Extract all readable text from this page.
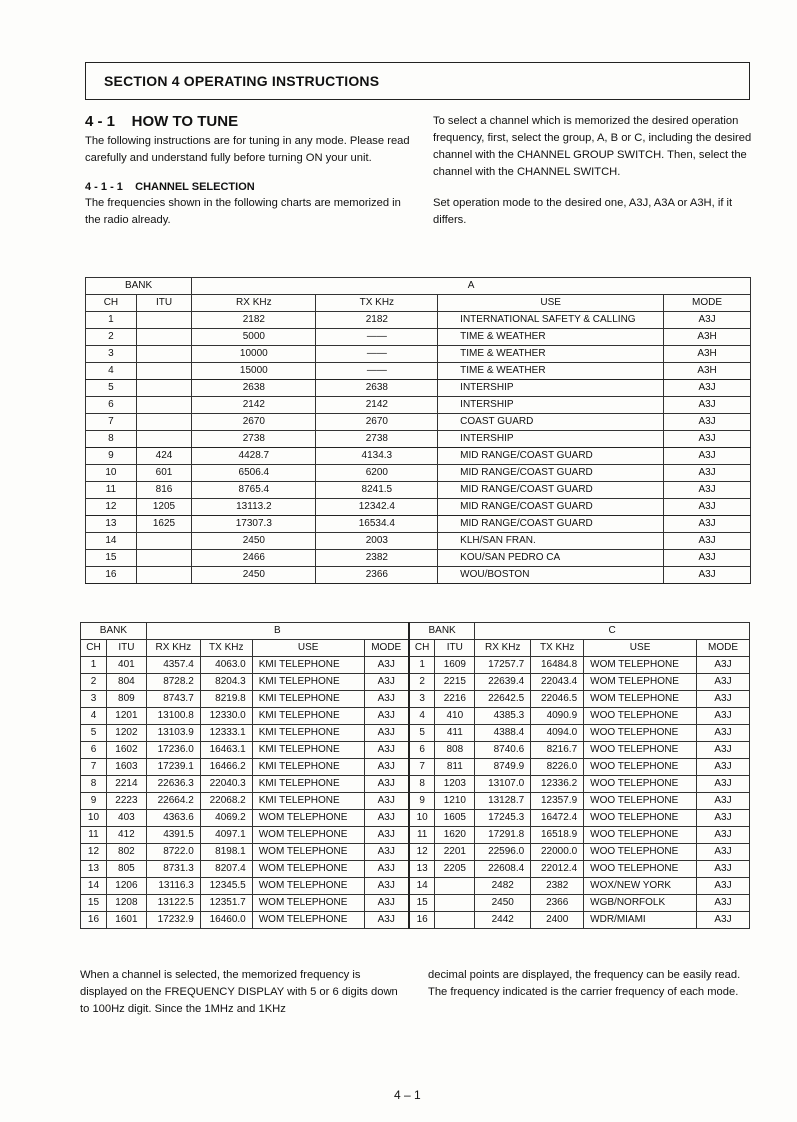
SECTION 4 OPERATING INSTRUCTIONS
4 - 1    HOW TO TUNE

The following instructions are for tuning in any mode. Please read carefully and understand fully before turning ON your unit.

4 - 1 - 1    CHANNEL SELECTION

The frequencies shown in the following charts are memorized in the radio already.

To select a channel which is memorized the desired operation frequency, first, select the group, A, B or C, including the desired channel with the CHANNEL GROUP SWITCH. Then, select the channel with the CHANNEL SWITCH.

Set operation mode to the desired one, A3J, A3A or A3H, if it differs.

BANK		A			
CH	ITU	RX KHz	TX KHz	USE	MODE
1		2182	2182	INTERNATIONAL SAFETY & CALLING	A3J
2		5000	——	TIME & WEATHER	A3H
3		10000	——	TIME & WEATHER	A3H
4		15000	——	TIME & WEATHER	A3H
5		2638	2638	INTERSHIP	A3J
6		2142	2142	INTERSHIP	A3J
7		2670	2670	COAST GUARD	A3J
8		2738	2738	INTERSHIP	A3J
9	424	4428.7	4134.3	MID RANGE/COAST GUARD	A3J
10	601	6506.4	6200	MID RANGE/COAST GUARD	A3J
11	816	8765.4	8241.5	MID RANGE/COAST GUARD	A3J
12	1205	13113.2	12342.4	MID RANGE/COAST GUARD	A3J
13	1625	17307.3	16534.4	MID RANGE/COAST GUARD	A3J
14		2450	2003	KLH/SAN FRAN.	A3J
15		2466	2382	KOU/SAN PEDRO CA	A3J
16		2450	2366	WOU/BOSTON	A3J
BANK		B				BANK		C			
CH	ITU	RX KHz	TX KHz	USE	MODE	CH	ITU	RX KHz	TX KHz	USE	MODE
1	401	4357.4	4063.0	KMI TELEPHONE	A3J	1	1609	17257.7	16484.8	WOM TELEPHONE	A3J
2	804	8728.2	8204.3	KMI TELEPHONE	A3J	2	2215	22639.4	22043.4	WOM TELEPHONE	A3J
3	809	8743.7	8219.8	KMI TELEPHONE	A3J	3	2216	22642.5	22046.5	WOM TELEPHONE	A3J
4	1201	13100.8	12330.0	KMI TELEPHONE	A3J	4	410	4385.3	4090.9	WOO TELEPHONE	A3J
5	1202	13103.9	12333.1	KMI TELEPHONE	A3J	5	411	4388.4	4094.0	WOO TELEPHONE	A3J
6	1602	17236.0	16463.1	KMI TELEPHONE	A3J	6	808	8740.6	8216.7	WOO TELEPHONE	A3J
7	1603	17239.1	16466.2	KMI TELEPHONE	A3J	7	811	8749.9	8226.0	WOO TELEPHONE	A3J
8	2214	22636.3	22040.3	KMI TELEPHONE	A3J	8	1203	13107.0	12336.2	WOO TELEPHONE	A3J
9	2223	22664.2	22068.2	KMI TELEPHONE	A3J	9	1210	13128.7	12357.9	WOO TELEPHONE	A3J
10	403	4363.6	4069.2	WOM TELEPHONE	A3J	10	1605	17245.3	16472.4	WOO TELEPHONE	A3J
11	412	4391.5	4097.1	WOM TELEPHONE	A3J	11	1620	17291.8	16518.9	WOO TELEPHONE	A3J
12	802	8722.0	8198.1	WOM TELEPHONE	A3J	12	2201	22596.0	22000.0	WOO TELEPHONE	A3J
13	805	8731.3	8207.4	WOM TELEPHONE	A3J	13	2205	22608.4	22012.4	WOO TELEPHONE	A3J
14	1206	13116.3	12345.5	WOM TELEPHONE	A3J	14		2482	2382	WOX/NEW YORK	A3J
15	1208	13122.5	12351.7	WOM TELEPHONE	A3J	15		2450	2366	WGB/NORFOLK	A3J
16	1601	17232.9	16460.0	WOM TELEPHONE	A3J	16		2442	2400	WDR/MIAMI	A3J

When a channel is selected, the memorized frequency is displayed on the FREQUENCY DISPLAY with 5 or 6 digits down to 100Hz digit. Since the 1MHz and 1KHz

decimal points are displayed, the frequency can be easily read. The frequency indicated is the carrier frequency of each mode.

4 – 1
